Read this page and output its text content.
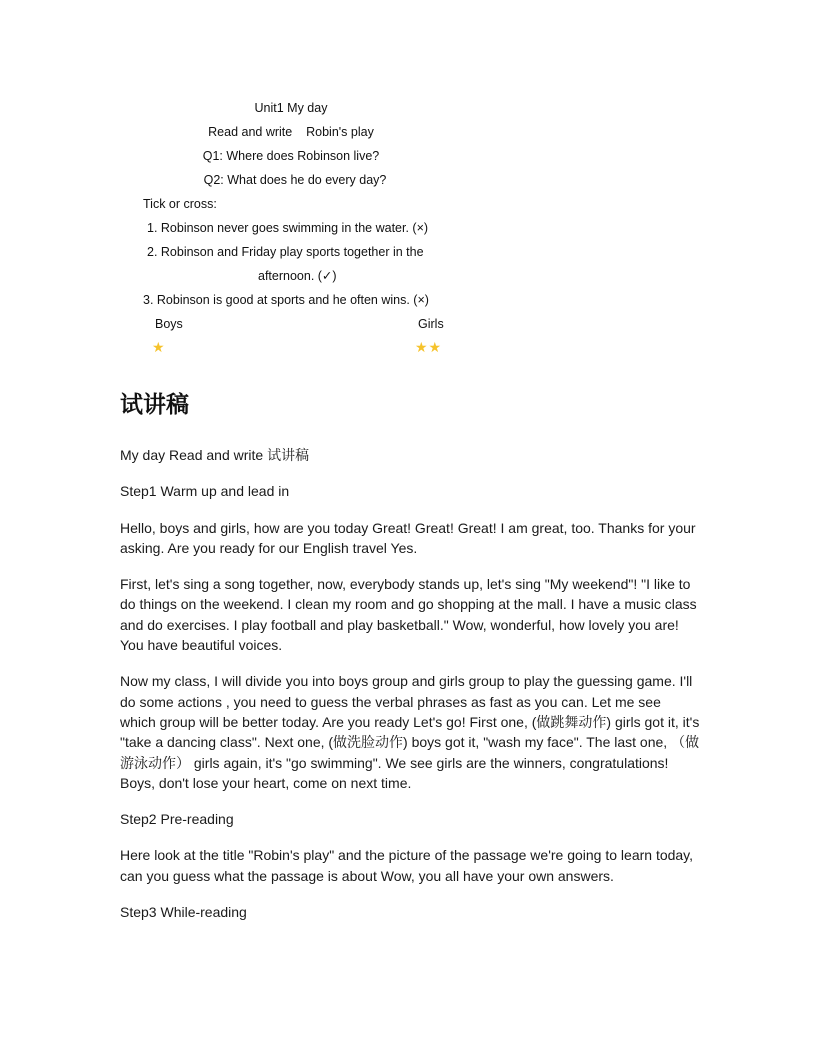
Unit1 My day
Read and write    Robin's play
Q1: Where does Robinson live?
Q2: What does he do every day?
Tick or cross:
1. Robinson never goes swimming in the water. (×)
2. Robinson and Friday play sports together in the
afternoon. (✓)
3. Robinson is good at sports and he often wins. (×)
Boys	Girls
★	★★
试讲稿

My day Read and write 试讲稿

Step1 Warm up and lead in

Hello, boys and girls, how are you today Great! Great! Great! I am great, too. Thanks for your asking. Are you ready for our English travel Yes.

First, let's sing a song together, now, everybody stands up, let's sing "My weekend"! "I like to do things on the weekend. I clean my room and go shopping at the mall. I have a music class and do exercises. I play football and play basketball." Wow, wonderful, how lovely you are! You have beautiful voices.

Now my class, I will divide you into boys group and girls group to play the guessing game. I'll do some actions , you need to guess the verbal phrases as fast as you can. Let me see which group will be better today. Are you ready Let's go! First one, (做跳舞动作) girls got it, it's "take a dancing class". Next one, (做洗脸动作) boys got it, "wash my face". The last one, （做游泳动作） girls again, it's "go swimming". We see girls are the winners, congratulations! Boys, don't lose your heart, come on next time.

Step2 Pre-reading

Here look at the title "Robin's play" and the picture of the passage we're going to learn today, can you guess what the passage is about Wow, you all have your own answers.

Step3 While-reading
